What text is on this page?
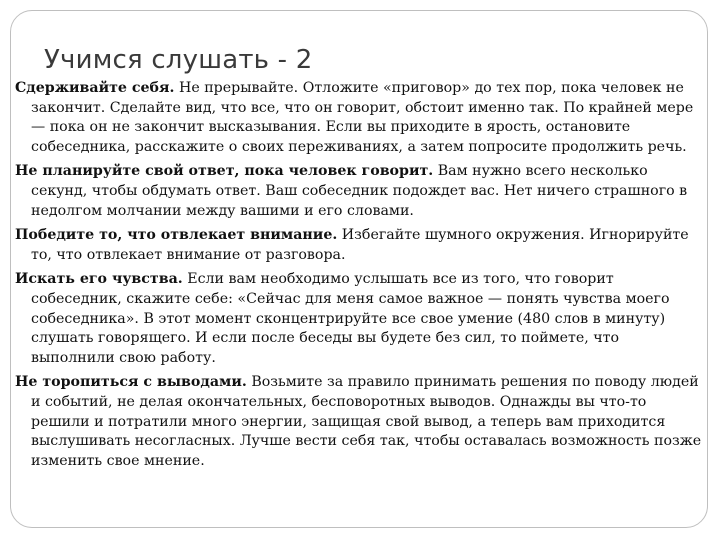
Учимся слушать - 2

Сдерживайте себя. Не прерывайте. Отложите «приговор» до тех пор, пока человек не закончит. Сделайте вид, что все, что он говорит, обстоит именно так. По крайней мере — пока он не закончит высказывания. Если вы приходите в ярость, остановите собеседника, расскажите о своих переживаниях, а затем попросите продолжить речь.

Не планируйте свой ответ, пока человек говорит. Вам нужно всего несколько секунд, чтобы обдумать ответ. Ваш собеседник подождет вас. Нет ничего страшного в недолгом молчании между вашими и его словами.

Победите то, что отвлекает внимание. Избегайте шумного окружения. Игнорируйте то, что отвлекает внимание от разговора.

Искать его чувства. Если вам необходимо услышать все из того, что говорит собеседник, скажите себе: «Сейчас для меня самое важное — понять чувства моего собеседника». В этот момент сконцентрируйте все свое умение (480 слов в минуту) слушать говорящего. И если после беседы вы будете без сил, то поймете, что выполнили свою работу.

Не торопиться с выводами. Возьмите за правило принимать решения по поводу людей и событий, не делая окончательных, бесповоротных выводов. Однажды вы что-то решили и потратили много энергии, защищая свой вывод, а теперь вам приходится выслушивать несогласных. Лучше вести себя так, чтобы оставалась возможность позже изменить свое мнение.
